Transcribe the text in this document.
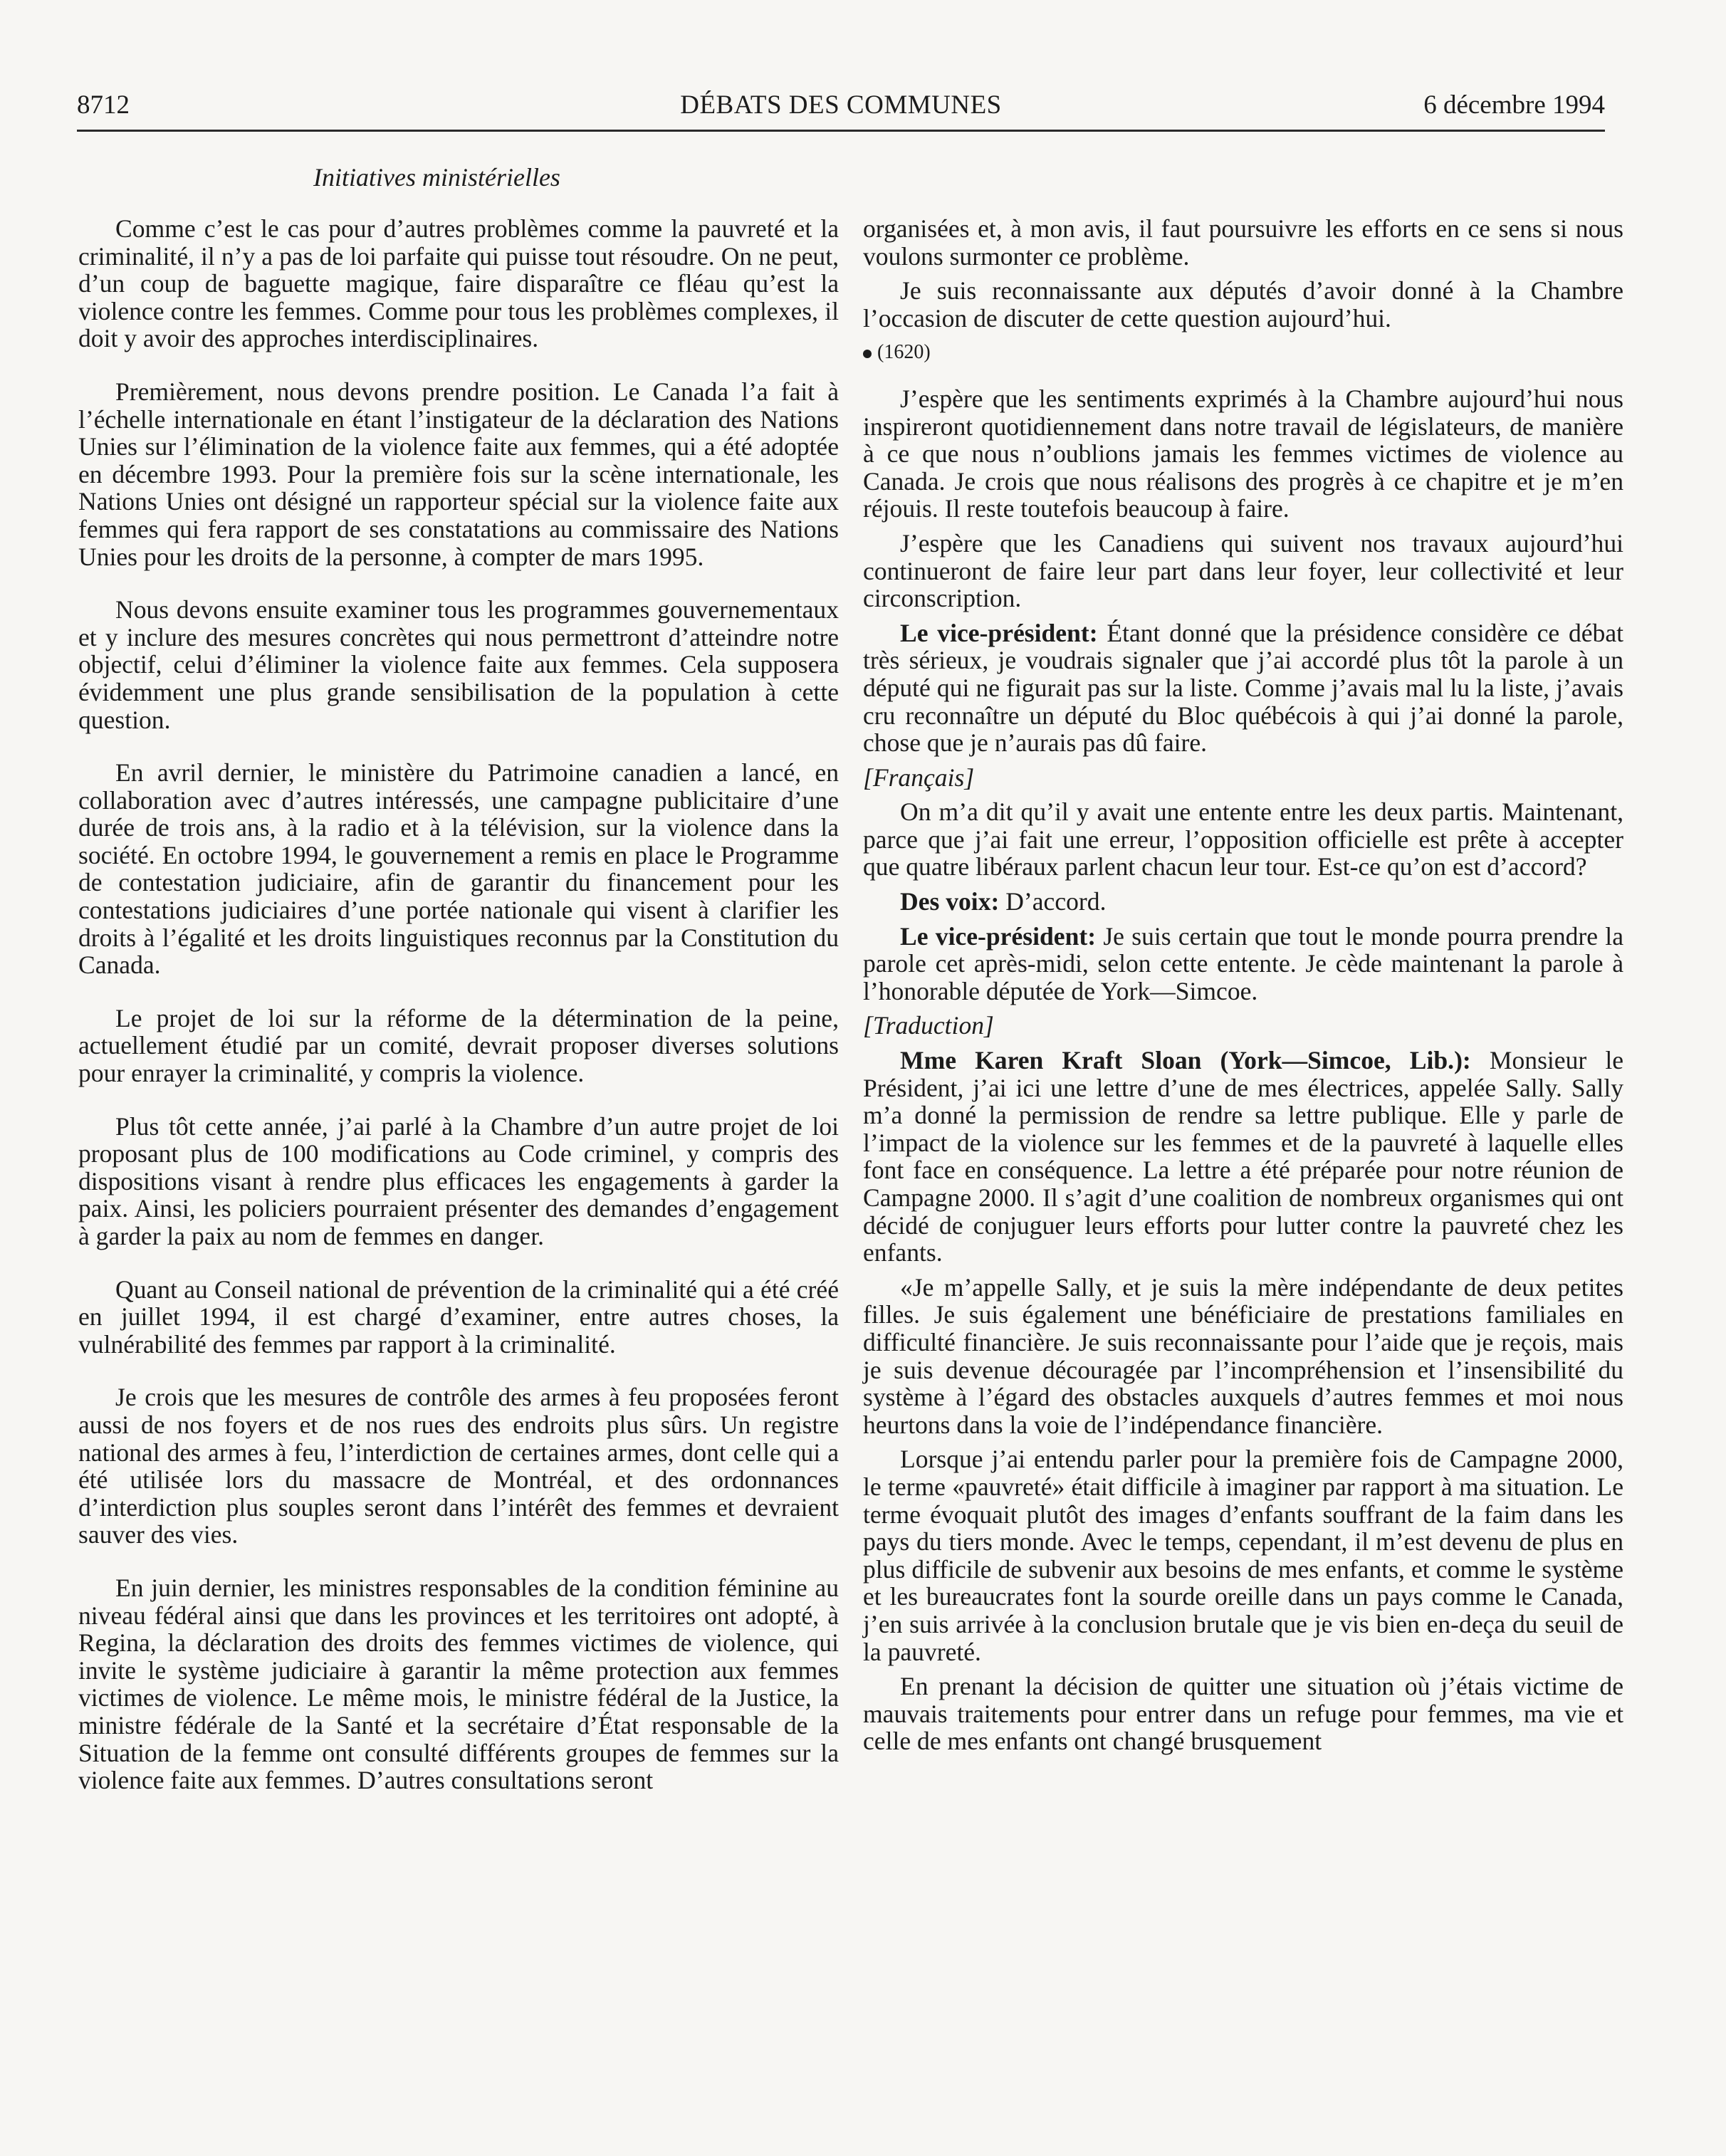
8712	DÉBATS DES COMMUNES	6 décembre 1994
Initiatives ministérielles

Comme c’est le cas pour d’autres problèmes comme la pauvreté et la criminalité, il n’y a pas de loi parfaite qui puisse tout résoudre. On ne peut, d’un coup de baguette magique, faire disparaître ce fléau qu’est la violence contre les femmes. Comme pour tous les problèmes complexes, il doit y avoir des approches interdisciplinaires.

Premièrement, nous devons prendre position. Le Canada l’a fait à l’échelle internationale en étant l’instigateur de la déclaration des Nations Unies sur l’élimination de la violence faite aux femmes, qui a été adoptée en décembre 1993. Pour la première fois sur la scène internationale, les Nations Unies ont désigné un rapporteur spécial sur la violence faite aux femmes qui fera rapport de ses constatations au commissaire des Nations Unies pour les droits de la personne, à compter de mars 1995.

Nous devons ensuite examiner tous les programmes gouvernementaux et y inclure des mesures concrètes qui nous permettront d’atteindre notre objectif, celui d’éliminer la violence faite aux femmes. Cela supposera évidemment une plus grande sensibilisation de la population à cette question.

En avril dernier, le ministère du Patrimoine canadien a lancé, en collaboration avec d’autres intéressés, une campagne publicitaire d’une durée de trois ans, à la radio et à la télévision, sur la violence dans la société. En octobre 1994, le gouvernement a remis en place le Programme de contestation judiciaire, afin de garantir du financement pour les contestations judiciaires d’une portée nationale qui visent à clarifier les droits à l’égalité et les droits linguistiques reconnus par la Constitution du Canada.

Le projet de loi sur la réforme de la détermination de la peine, actuellement étudié par un comité, devrait proposer diverses solutions pour enrayer la criminalité, y compris la violence.

Plus tôt cette année, j’ai parlé à la Chambre d’un autre projet de loi proposant plus de 100 modifications au Code criminel, y compris des dispositions visant à rendre plus efficaces les engagements à garder la paix. Ainsi, les policiers pourraient présenter des demandes d’engagement à garder la paix au nom de femmes en danger.

Quant au Conseil national de prévention de la criminalité qui a été créé en juillet 1994, il est chargé d’examiner, entre autres choses, la vulnérabilité des femmes par rapport à la criminalité.

Je crois que les mesures de contrôle des armes à feu proposées feront aussi de nos foyers et de nos rues des endroits plus sûrs. Un registre national des armes à feu, l’interdiction de certaines armes, dont celle qui a été utilisée lors du massacre de Montréal, et des ordonnances d’interdiction plus souples seront dans l’intérêt des femmes et devraient sauver des vies.

En juin dernier, les ministres responsables de la condition féminine au niveau fédéral ainsi que dans les provinces et les territoires ont adopté, à Regina, la déclaration des droits des femmes victimes de violence, qui invite le système judiciaire à garantir la même protection aux femmes victimes de violence. Le même mois, le ministre fédéral de la Justice, la ministre fédérale de la Santé et la secrétaire d’État responsable de la Situation de la femme ont consulté différents groupes de femmes sur la violence faite aux femmes. D’autres consultations seront

organisées et, à mon avis, il faut poursuivre les efforts en ce sens si nous voulons surmonter ce problème.

Je suis reconnaissante aux députés d’avoir donné à la Chambre l’occasion de discuter de cette question aujourd’hui.

(1620)

J’espère que les sentiments exprimés à la Chambre aujourd’hui nous inspireront quotidiennement dans notre travail de législateurs, de manière à ce que nous n’oublions jamais les femmes victimes de violence au Canada. Je crois que nous réalisons des progrès à ce chapitre et je m’en réjouis. Il reste toutefois beaucoup à faire.

J’espère que les Canadiens qui suivent nos travaux aujourd’hui continueront de faire leur part dans leur foyer, leur collectivité et leur circonscription.

Le vice-président: Étant donné que la présidence considère ce débat très sérieux, je voudrais signaler que j’ai accordé plus tôt la parole à un député qui ne figurait pas sur la liste. Comme j’avais mal lu la liste, j’avais cru reconnaître un député du Bloc québécois à qui j’ai donné la parole, chose que je n’aurais pas dû faire.

[Français]

On m’a dit qu’il y avait une entente entre les deux partis. Maintenant, parce que j’ai fait une erreur, l’opposition officielle est prête à accepter que quatre libéraux parlent chacun leur tour. Est-ce qu’on est d’accord?

Des voix: D’accord.

Le vice-président: Je suis certain que tout le monde pourra prendre la parole cet après-midi, selon cette entente. Je cède maintenant la parole à l’honorable députée de York—Simcoe.

[Traduction]

Mme Karen Kraft Sloan (York—Simcoe, Lib.): Monsieur le Président, j’ai ici une lettre d’une de mes électrices, appelée Sally. Sally m’a donné la permission de rendre sa lettre publique. Elle y parle de l’impact de la violence sur les femmes et de la pauvreté à laquelle elles font face en conséquence. La lettre a été préparée pour notre réunion de Campagne 2000. Il s’agit d’une coalition de nombreux organismes qui ont décidé de conjuguer leurs efforts pour lutter contre la pauvreté chez les enfants.

«Je m’appelle Sally, et je suis la mère indépendante de deux petites filles. Je suis également une bénéficiaire de prestations familiales en difficulté financière. Je suis reconnaissante pour l’aide que je reçois, mais je suis devenue découragée par l’incompréhension et l’insensibilité du système à l’égard des obstacles auxquels d’autres femmes et moi nous heurtons dans la voie de l’indépendance financière.

Lorsque j’ai entendu parler pour la première fois de Campagne 2000, le terme «pauvreté» était difficile à imaginer par rapport à ma situation. Le terme évoquait plutôt des images d’enfants souffrant de la faim dans les pays du tiers monde. Avec le temps, cependant, il m’est devenu de plus en plus difficile de subvenir aux besoins de mes enfants, et comme le système et les bureaucrates font la sourde oreille dans un pays comme le Canada, j’en suis arrivée à la conclusion brutale que je vis bien en-deça du seuil de la pauvreté.

En prenant la décision de quitter une situation où j’étais victime de mauvais traitements pour entrer dans un refuge pour femmes, ma vie et celle de mes enfants ont changé brusquement
